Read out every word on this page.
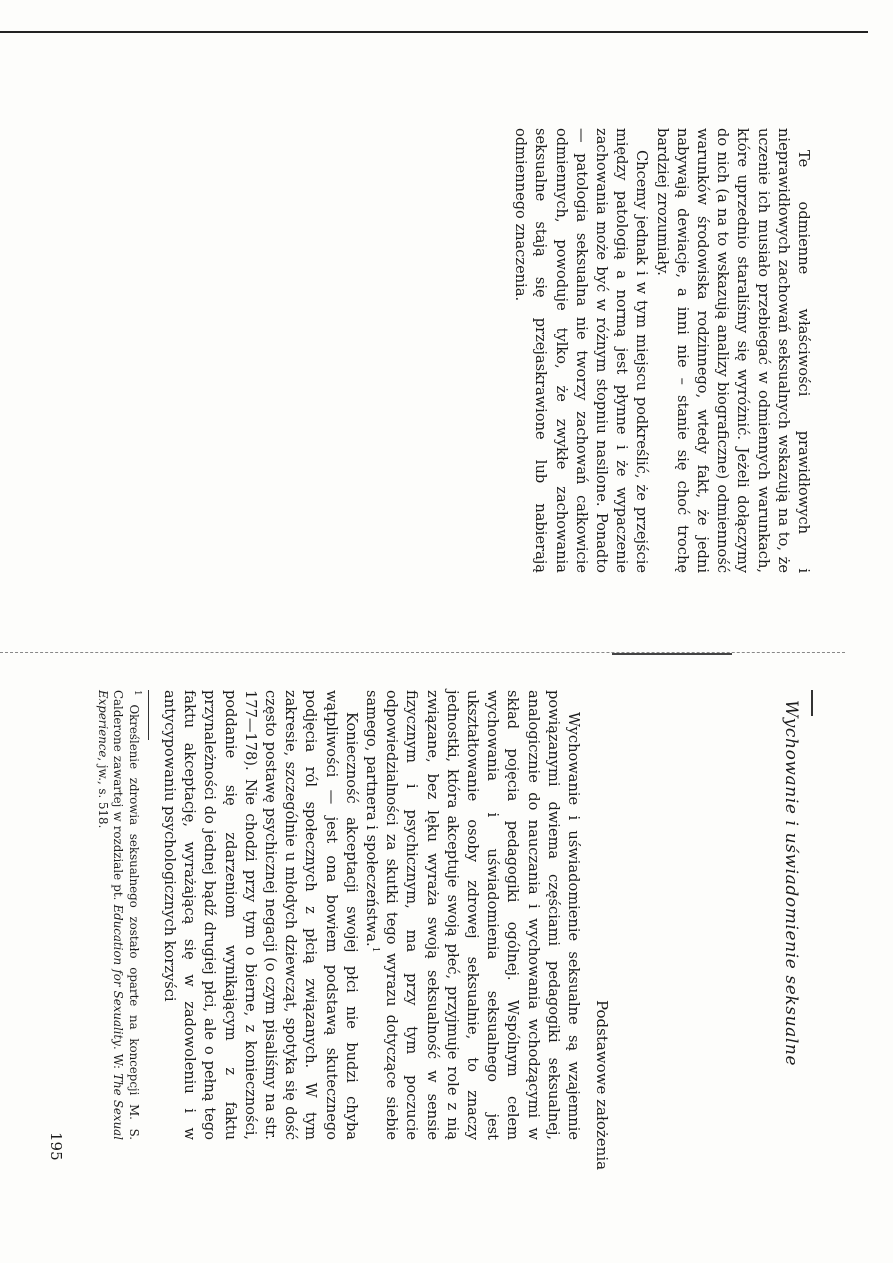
Te odmienne właściwości prawidłowych i nieprawidłowych zachowań seksualnych wskazują na to, że uczenie ich musiało przebiegać w odmiennych warunkach, które uprzednio staraliśmy się wyróżnić. Jeżeli dołączymy do nich (a na to wskazują analizy biograficzne) odmienność warunków środowiska rodzinnego, wtedy fakt, że jedni nabywają dewiacje, a inni nie – stanie się choć trochę bardziej zrozumiały.

Chcemy jednak i w tym miejscu podkreślić, że przejście między patologią a normą jest płynne i że wypaczenie zachowania może być w różnym stopniu nasilone. Ponadto — patologia seksualna nie tworzy zachowań całkowicie odmiennych, powoduje tylko, że zwykłe zachowania seksualne stają się przejaskrawione lub nabierają odmiennego znaczenia.

Wychowanie i uświadomienie seksualne
Podstawowe założenia

Wychowanie i uświadomienie seksualne są wzajemnie powiązanymi dwiema częściami pedagogiki seksualnej, analogicznie do nauczania i wychowania wchodzącymi w skład pojęcia pedagogiki ogólnej. Wspólnym celem wychowania i uświadomienia seksualnego jest ukształtowanie osoby zdrowej seksualnie, to znaczy jednostki, która akceptuje swoją płeć, przyjmuje role z nią związane, bez lęku wyraża swoją seksualność w sensie fizycznym i psychicznym, ma przy tym poczucie odpowiedzialności za skutki tego wyrazu dotyczące siebie samego, partnera i społeczeństwa.$^1$

Konieczność akceptacji swojej płci nie budzi chyba wątpliwości — jest ona bowiem podstawą skutecznego podjęcia ról społecznych z płcią związanych. W tym zakresie, szczególnie u młodych dziewcząt, spotyka się dość często postawę psychicznej negacji (o czym pisaliśmy na str. 177—178). Nie chodzi przy tym o bierne, z konieczności, poddanie się zdarzeniom wynikającym z faktu przynależności do jednej bądź drugiej płci, ale o pełną tego faktu akceptację, wyrażającą się w zadowoleniu i w antycypowaniu psychologicznych korzyści

$^1$ Określenie zdrowia seksualnego zostało oparte na koncepcji M. S. Calderone zawartej w rozdziale pt. Education for Sexuality. W: The Sexual Experience, jw., s. 518.
195
